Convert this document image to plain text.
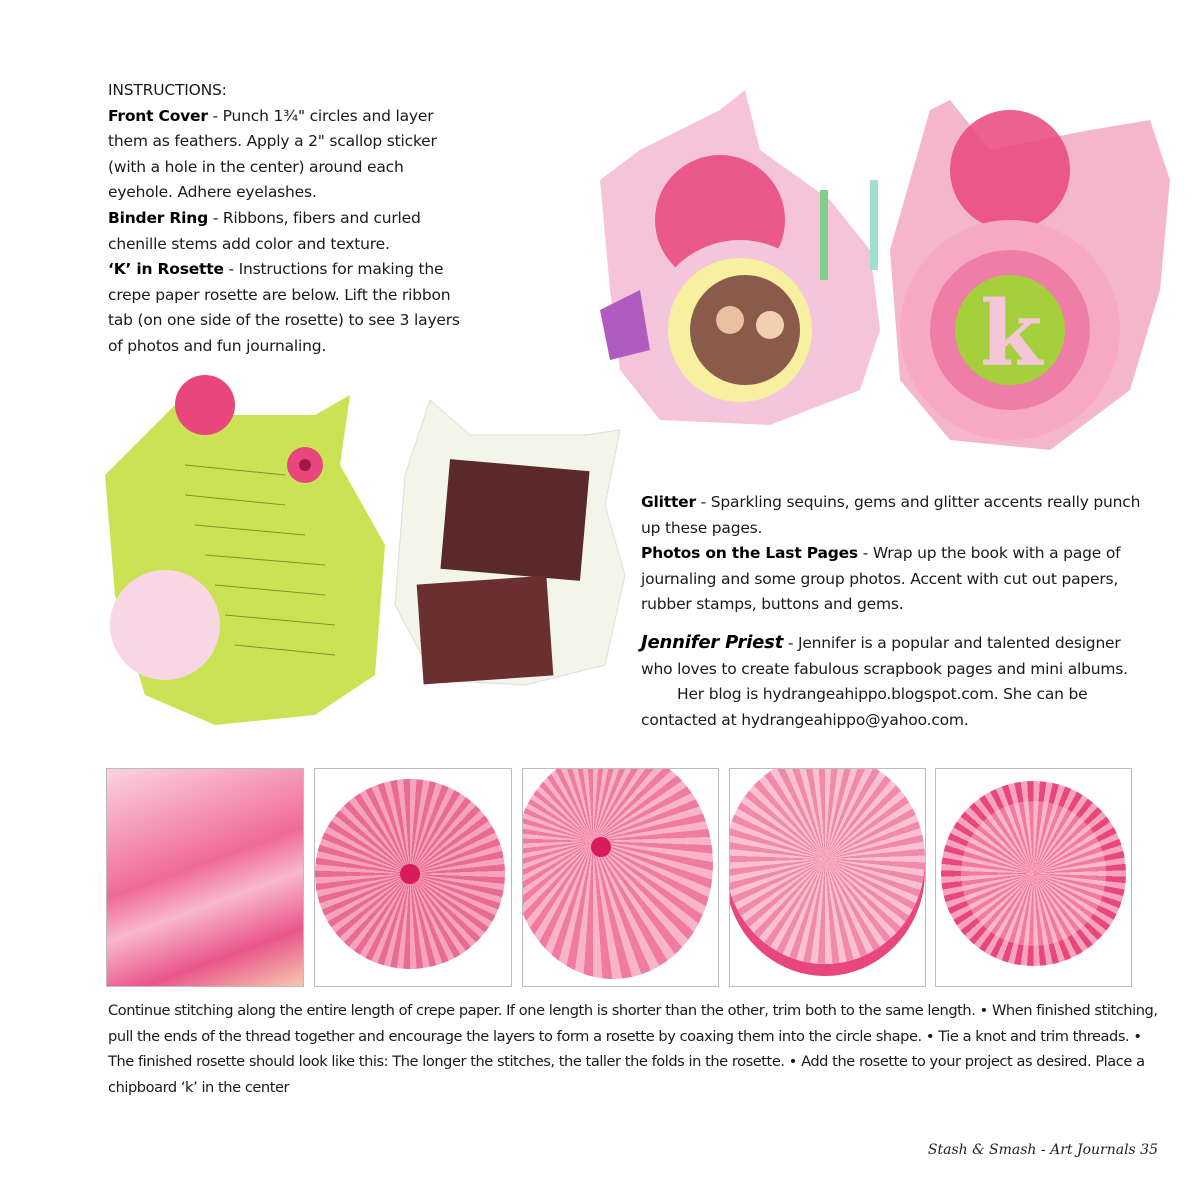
INSTRUCTIONS:

Front Cover - Punch 1¾" circles and layer them as feathers. Apply a 2" scallop sticker (with a hole in the center) around each eyehole. Adhere eyelashes.

Binder Ring - Ribbons, fibers and curled chenille stems add color and texture.

‘K’ in Rosette - Instructions for making the crepe paper rosette are below. Lift the ribbon tab (on one side of the rosette) to see 3 layers of photos and fun journaling.	k

Glitter - Sparkling sequins, gems and glitter accents really punch up these pages.

Photos on the Last Pages - Wrap up the book with a page of journaling and some group photos. Accent with cut out papers, rubber stamps, buttons and gems.

Jennifer Priest - Jennifer is a popular and talented designer who loves to create fabulous scrapbook pages and mini albums.

Her blog is hydrangeahippo.blogspot.com. She can be contacted at hydrangeahippo@yahoo.com.

Continue stitching along the entire length of crepe paper. If one length is shorter than the other, trim both to the same length. • When finished stitching, pull the ends of the thread together and encourage the layers to form a rosette by coaxing them into the circle shape. • Tie a knot and trim threads. • The finished rosette should look like this: The longer the stitches, the taller the folds in the rosette. • Add the rosette to your project as desired. Place a chipboard ‘k’ in the center
Stash & Smash - Art Journals 35
